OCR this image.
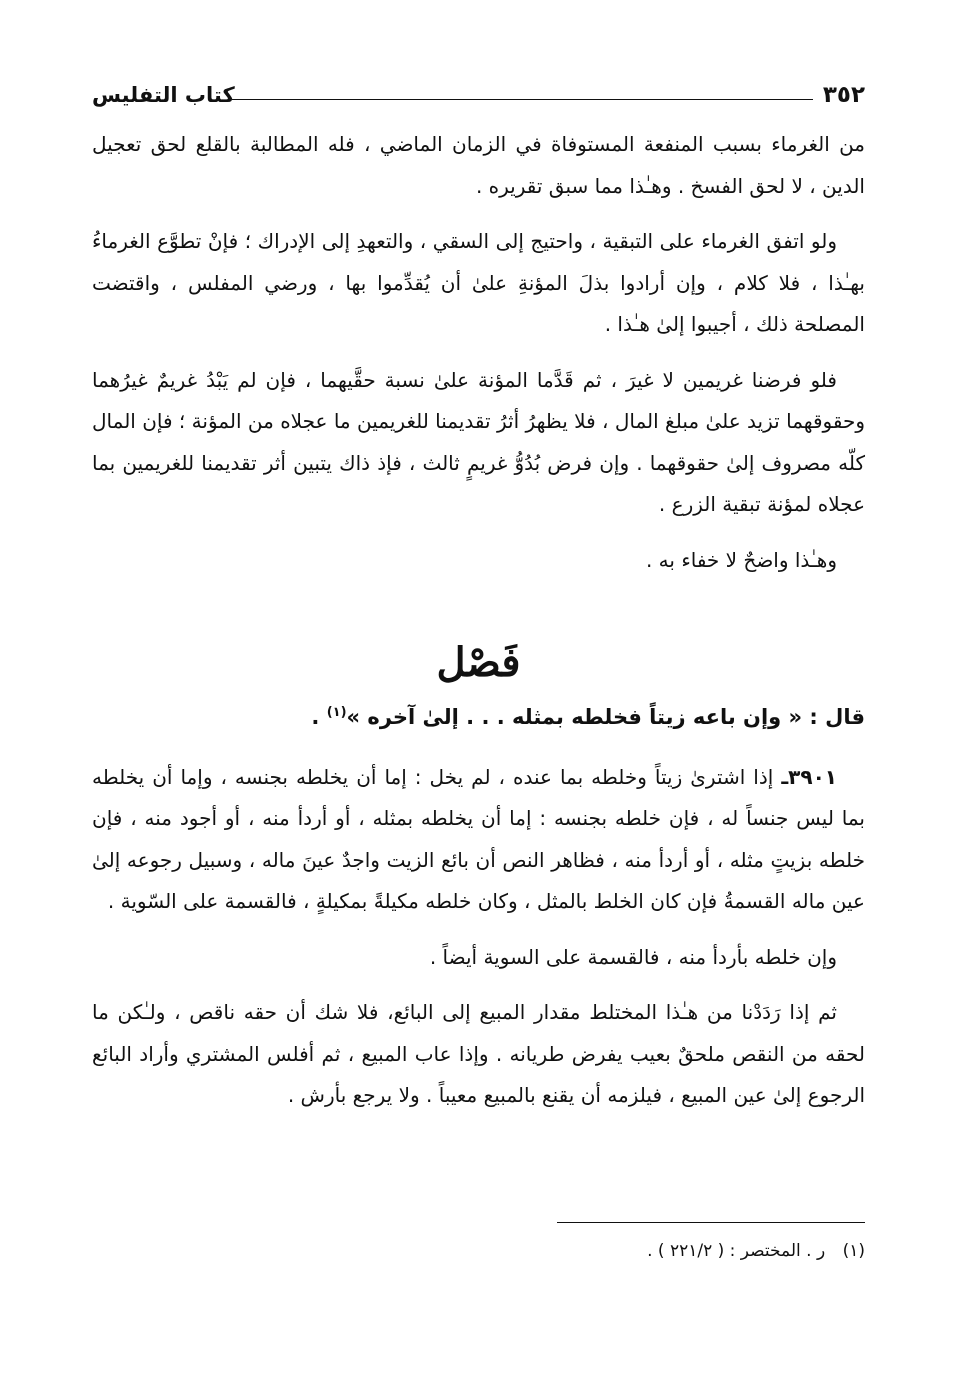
٣٥٢
كتاب التفليس

من الغرماء بسبب المنفعة المستوفاة في الزمان الماضي ، فله المطالبة بالقلع لحق تعجيل الدين ، لا لحق الفسخ . وهـٰذا مما سبق تقريره .

ولو اتفق الغرماء على التبقية ، واحتيج إلى السقي ، والتعهدِ إلى الإدراك ؛ فإنْ تطوَّع الغرماءُ بهـٰذا ، فلا كلام ، وإن أرادوا بذلَ المؤنةِ علىٰ أن يُقدِّموا بها ، ورضي المفلس ، واقتضت المصلحة ذلك ، أجيبوا إلىٰ هـٰذا .

فلو فرضنا غريمين لا غيرَ ، ثم قَدَّما المؤنة علىٰ نسبة حقَّيهما ، فإن لم يَبْدُ غريمٌ غيرُهما وحقوقهما تزيد علىٰ مبلغ المال ، فلا يظهرُ أثرُ تقديمنا للغريمين ما عجلاه من المؤنة ؛ فإن المال كلّه مصروف إلىٰ حقوقهما . وإن فرض بُدُوُّ غريمٍ ثالث ، فإذ ذاك يتبين أثر تقديمنا للغريمين بما عجلاه لمؤنة تبقية الزرع .

وهـٰذا واضحٌ لا خفاء به .

فَصْل

قال : « وإن باعه زيتاً فخلطه بمثله . . . إلىٰ آخره »$^{(١)}$ .

٣٩٠١ـ إذا اشترىٰ زيتاً وخلطه بما عنده ، لم يخل : إما أن يخلطه بجنسه ، وإما أن يخلطه بما ليس جنساً له ، فإن خلطه بجنسه : إما أن يخلطه بمثله ، أو أردأ منه ، أو أجود منه ، فإن خلطه بزيتٍ مثله ، أو أردأ منه ، فظاهر النص أن بائع الزيت واجدٌ عينَ ماله ، وسبيل رجوعه إلىٰ عين ماله القسمةُ فإن كان الخلط بالمثل ، وكان خلطه مكيلةً بمكيلةٍ ، فالقسمة على السّوية .

وإن خلطه بأردأ منه ، فالقسمة على السوية أيضاً .

ثم إذا رَدَدْنا من هـٰذا المختلط مقدار المبيع إلى البائع، فلا شك أن حقه ناقص ، ولـٰكن ما لحقه من النقص ملحقٌ بعيب يفرض طريانه . وإذا عاب المبيع ، ثم أفلس المشتري وأراد البائع الرجوع إلىٰ عين المبيع ، فيلزمه أن يقنع بالمبيع معيباً . ولا يرجع بأرش .

(١) ر . المختصر : ( ٢٢١/٢ ) .
